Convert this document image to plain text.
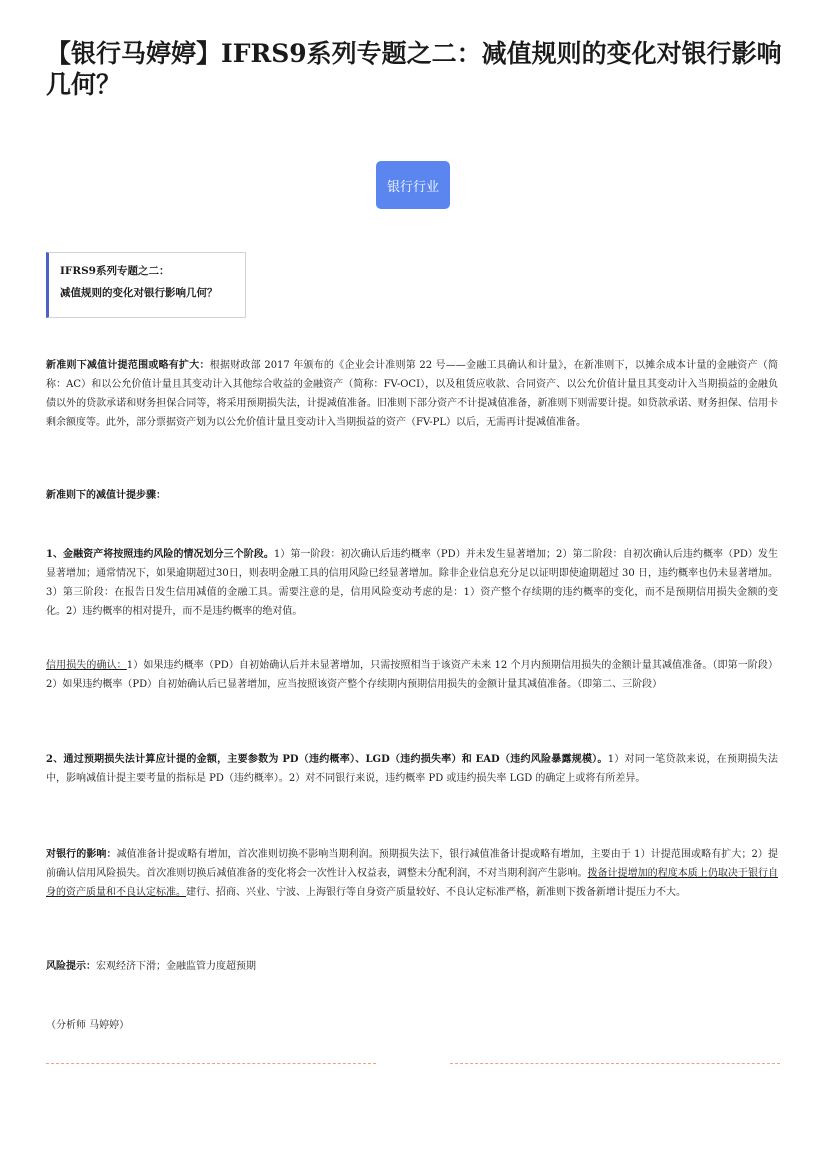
【银行马婷婷】IFRS9系列专题之二：减值规则的变化对银行影响几何？
银行行业

IFRS9系列专题之二：

减值规则的变化对银行影响几何？

新准则下减值计提范围或略有扩大：根据财政部 2017 年颁布的《企业会计准则第 22 号——金融工具确认和计量》，在新准则下，以摊余成本计量的金融资产（简称：AC）和以公允价值计量且其变动计入其他综合收益的金融资产（简称：FV-OCI），以及租赁应收款、合同资产、以公允价值计量且其变动计入当期损益的金融负债以外的贷款承诺和财务担保合同等，将采用预期损失法，计提减值准备。旧准则下部分资产不计提减值准备，新准则下则需要计提。如贷款承诺、财务担保、信用卡剩余额度等。此外，部分票据资产划为以公允价值计量且变动计入当期损益的资产（FV-PL）以后，无需再计提减值准备。

新准则下的减值计提步骤：

1、金融资产将按照违约风险的情况划分三个阶段。1）第一阶段：初次确认后违约概率（PD）并未发生显著增加；2）第二阶段：自初次确认后违约概率（PD）发生显著增加；通常情况下，如果逾期超过30日，则表明金融工具的信用风险已经显著增加。除非企业信息充分足以证明即使逾期超过 30 日，违约概率也仍未显著增加。3）第三阶段：在报告日发生信用减值的金融工具。需要注意的是，信用风险变动考虑的是：1）资产整个存续期的违约概率的变化，而不是预期信用损失金额的变化。2）违约概率的相对提升，而不是违约概率的绝对值。

信用损失的确认：1）如果违约概率（PD）自初始确认后并未显著增加，只需按照相当于该资产未来 12 个月内预期信用损失的金额计量其减值准备。（即第一阶段）2）如果违约概率（PD）自初始确认后已显著增加，应当按照该资产整个存续期内预期信用损失的金额计量其减值准备。（即第二、三阶段）

2、通过预期损失法计算应计提的金额，主要参数为 PD（违约概率）、LGD（违约损失率）和 EAD（违约风险暴露规模）。1）对同一笔贷款来说，在预期损失法中，影响减值计提主要考量的指标是 PD（违约概率）。2）对不同银行来说，违约概率 PD 或违约损失率 LGD 的确定上或将有所差异。

对银行的影响：减值准备计提或略有增加，首次准则切换不影响当期利润。预期损失法下，银行减值准备计提或略有增加，主要由于 1）计提范围或略有扩大；2）提前确认信用风险损失。首次准则切换后减值准备的变化将会一次性计入权益表，调整未分配利润，不对当期利润产生影响。拨备计提增加的程度本质上仍取决于银行自身的资产质量和不良认定标准。建行、招商、兴业、宁波、上海银行等自身资产质量较好、不良认定标准严格，新准则下拨备新增计提压力不大。

风险提示：宏观经济下滑；金融监管力度超预期

（分析师 马婷婷）
